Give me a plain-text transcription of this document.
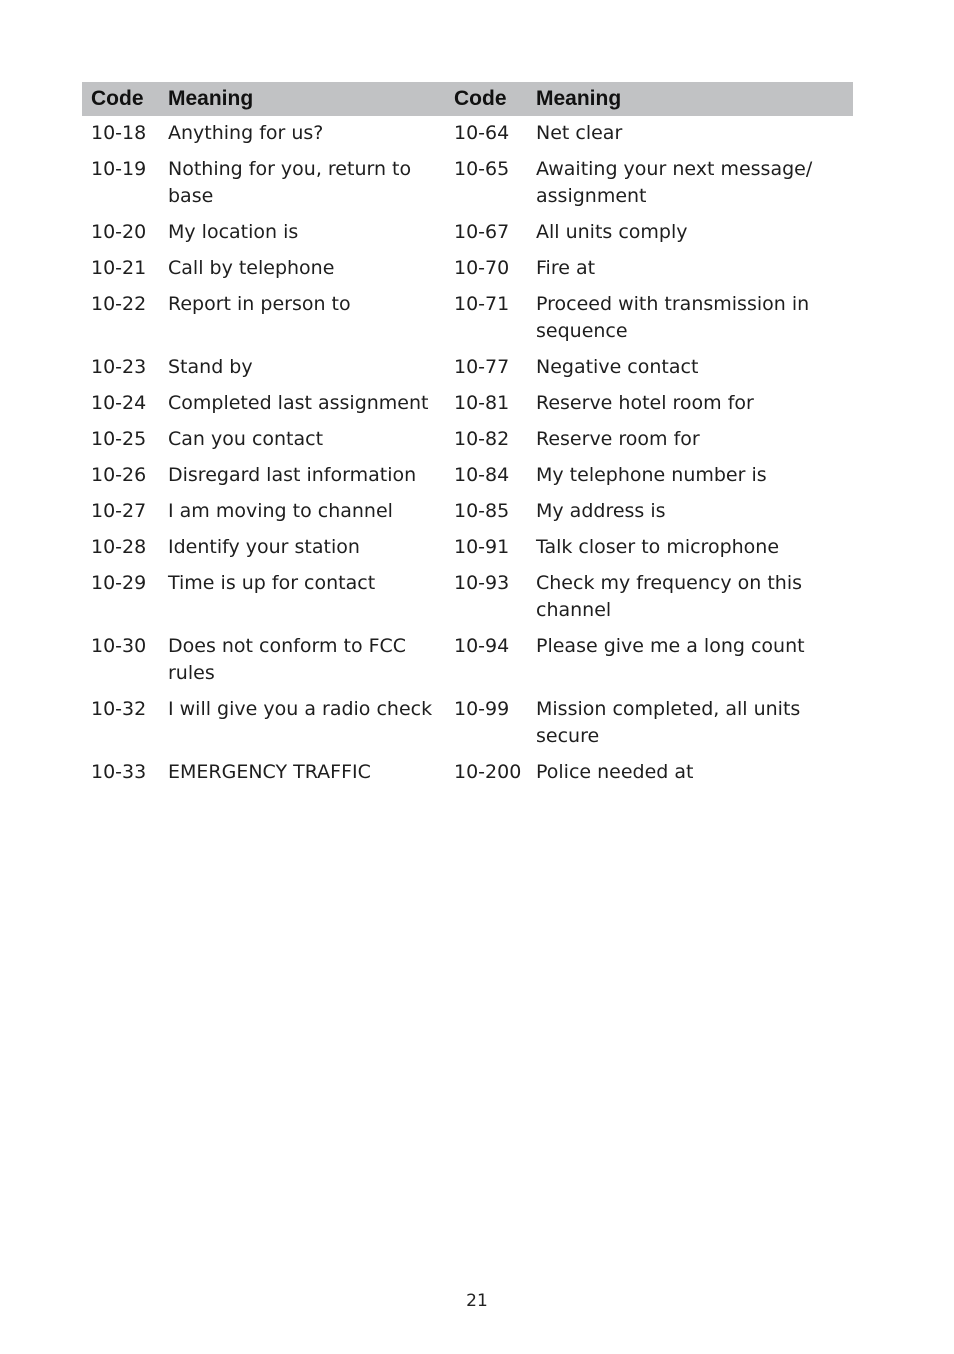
Code	Meaning	Code	Meaning
10-18	Anything for us?	10-64	Net clear
10-19	Nothing for you, return to base	10-65	Awaiting your next message/ assignment
10-20	My location is	10-67	All units comply
10-21	Call by telephone	10-70	Fire at
10-22	Report in person to	10-71	Proceed with transmission in sequence
10-23	Stand by	10-77	Negative contact
10-24	Completed last assignment	10-81	Reserve hotel room for
10-25	Can you contact	10-82	Reserve room for
10-26	Disregard last information	10-84	My telephone number is
10-27	I am moving to channel	10-85	My address is
10-28	Identify your station	10-91	Talk closer to microphone
10-29	Time is up for contact	10-93	Check my frequency on this channel
10-30	Does not conform to FCC rules	10-94	Please give me a long count
10-32	I will give you a radio check	10-99	Mission completed, all units secure
10-33	EMERGENCY TRAFFIC	10-200	Police needed at
21
